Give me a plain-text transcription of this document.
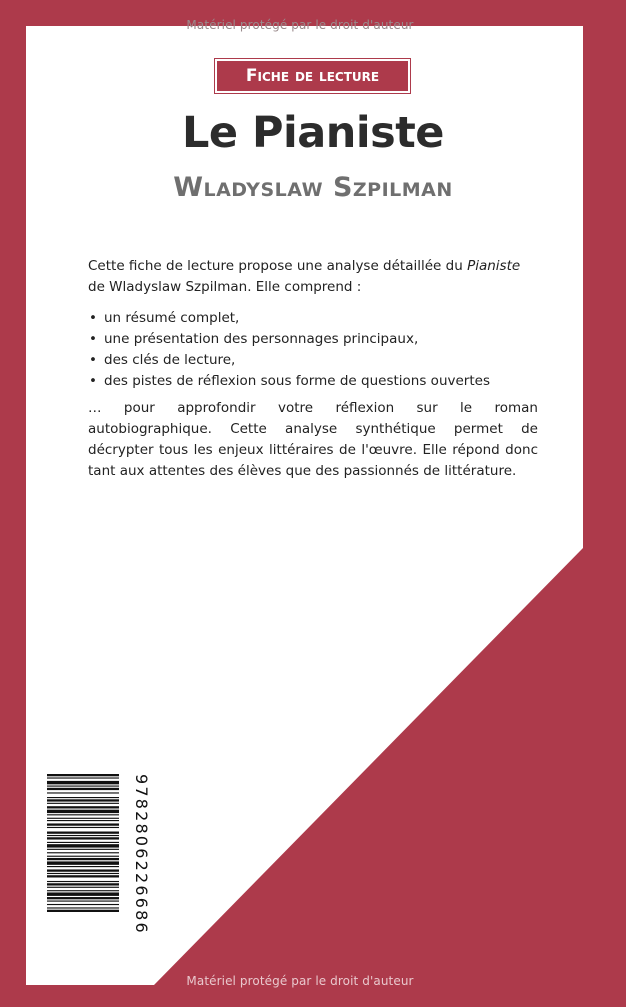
Matériel protégé par le droit d'auteur
Fiche de lecture
Le Pianiste
Wladyslaw Szpilman
Cette fiche de lecture propose une analyse détaillée du Pianiste de Wladyslaw Szpilman. Elle comprend :
• un résumé complet,
• une présentation des personnages principaux,
• des clés de lecture,
• des pistes de réflexion sous forme de questions ouvertes
… pour approfondir votre réflexion sur le roman autobiographique. Cette analyse synthétique permet de décrypter tous les enjeux littéraires de l'œuvre. Elle répond donc tant aux attentes des élèves que des passionnés de littérature.
9782806226686
Matériel protégé par le droit d'auteur
